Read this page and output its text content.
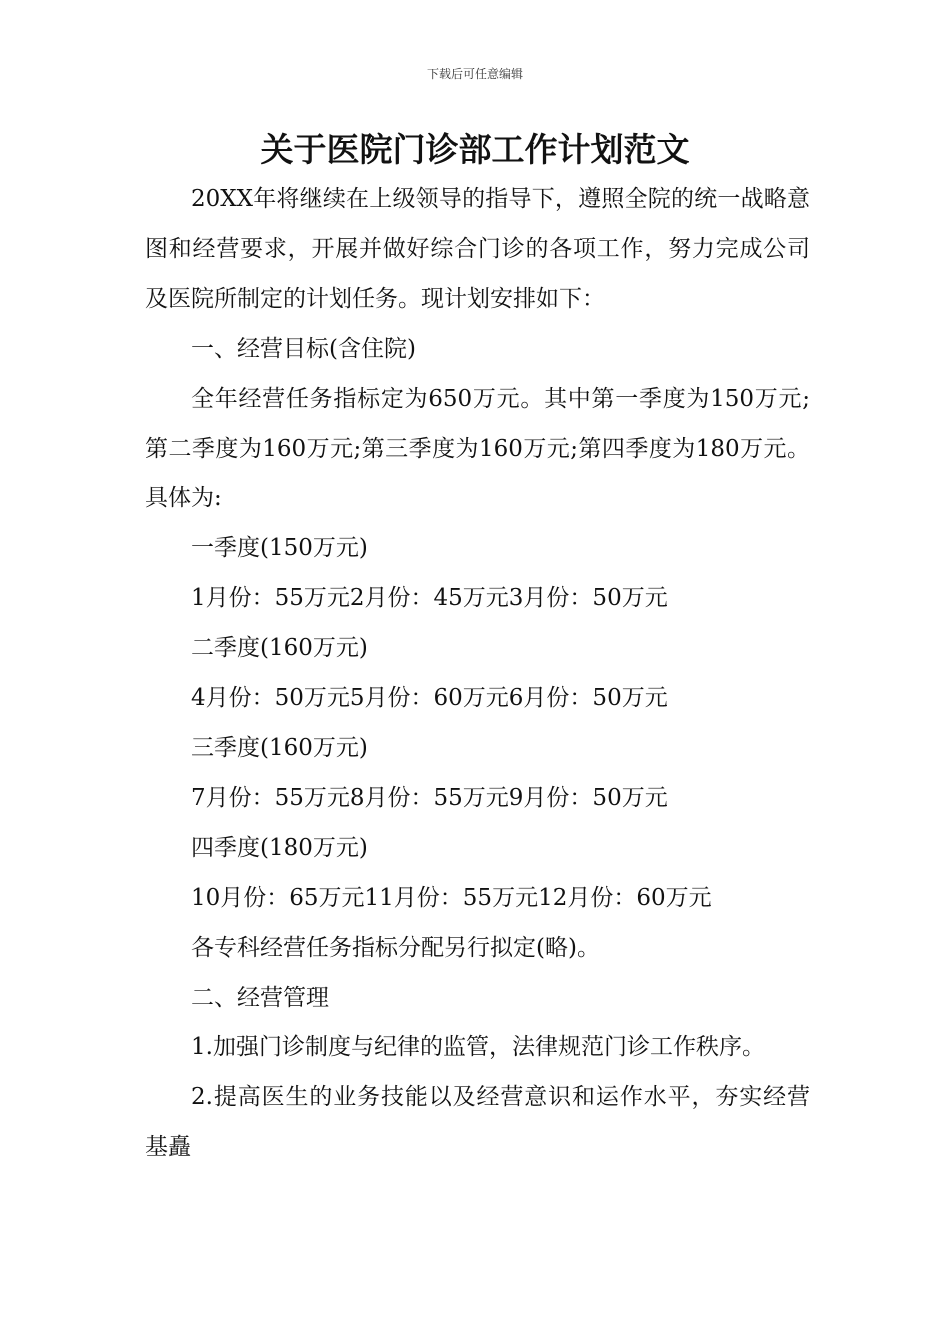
下载后可任意编辑
关于医院门诊部工作计划范文

20XX年将继续在上级领导的指导下，遵照全院的统一战略意图和经营要求，开展并做好综合门诊的各项工作，努力完成公司及医院所制定的计划任务。现计划安排如下：

一、经营目标(含住院)

全年经营任务指标定为650万元。其中第一季度为150万元;第二季度为160万元;第三季度为160万元;第四季度为180万元。具体为:

一季度(150万元)

1月份：55万元2月份：45万元3月份：50万元

二季度(160万元)

4月份：50万元5月份：60万元6月份：50万元

三季度(160万元)

7月份：55万元8月份：55万元9月份：50万元

四季度(180万元)

10月份：65万元11月份：55万元12月份：60万元

各专科经营任务指标分配另行拟定(略)。

二、经营管理

1.加强门诊制度与纪律的监管，法律规范门诊工作秩序。

2.提高医生的业务技能以及经营意识和运作水平，夯实经营基矗
